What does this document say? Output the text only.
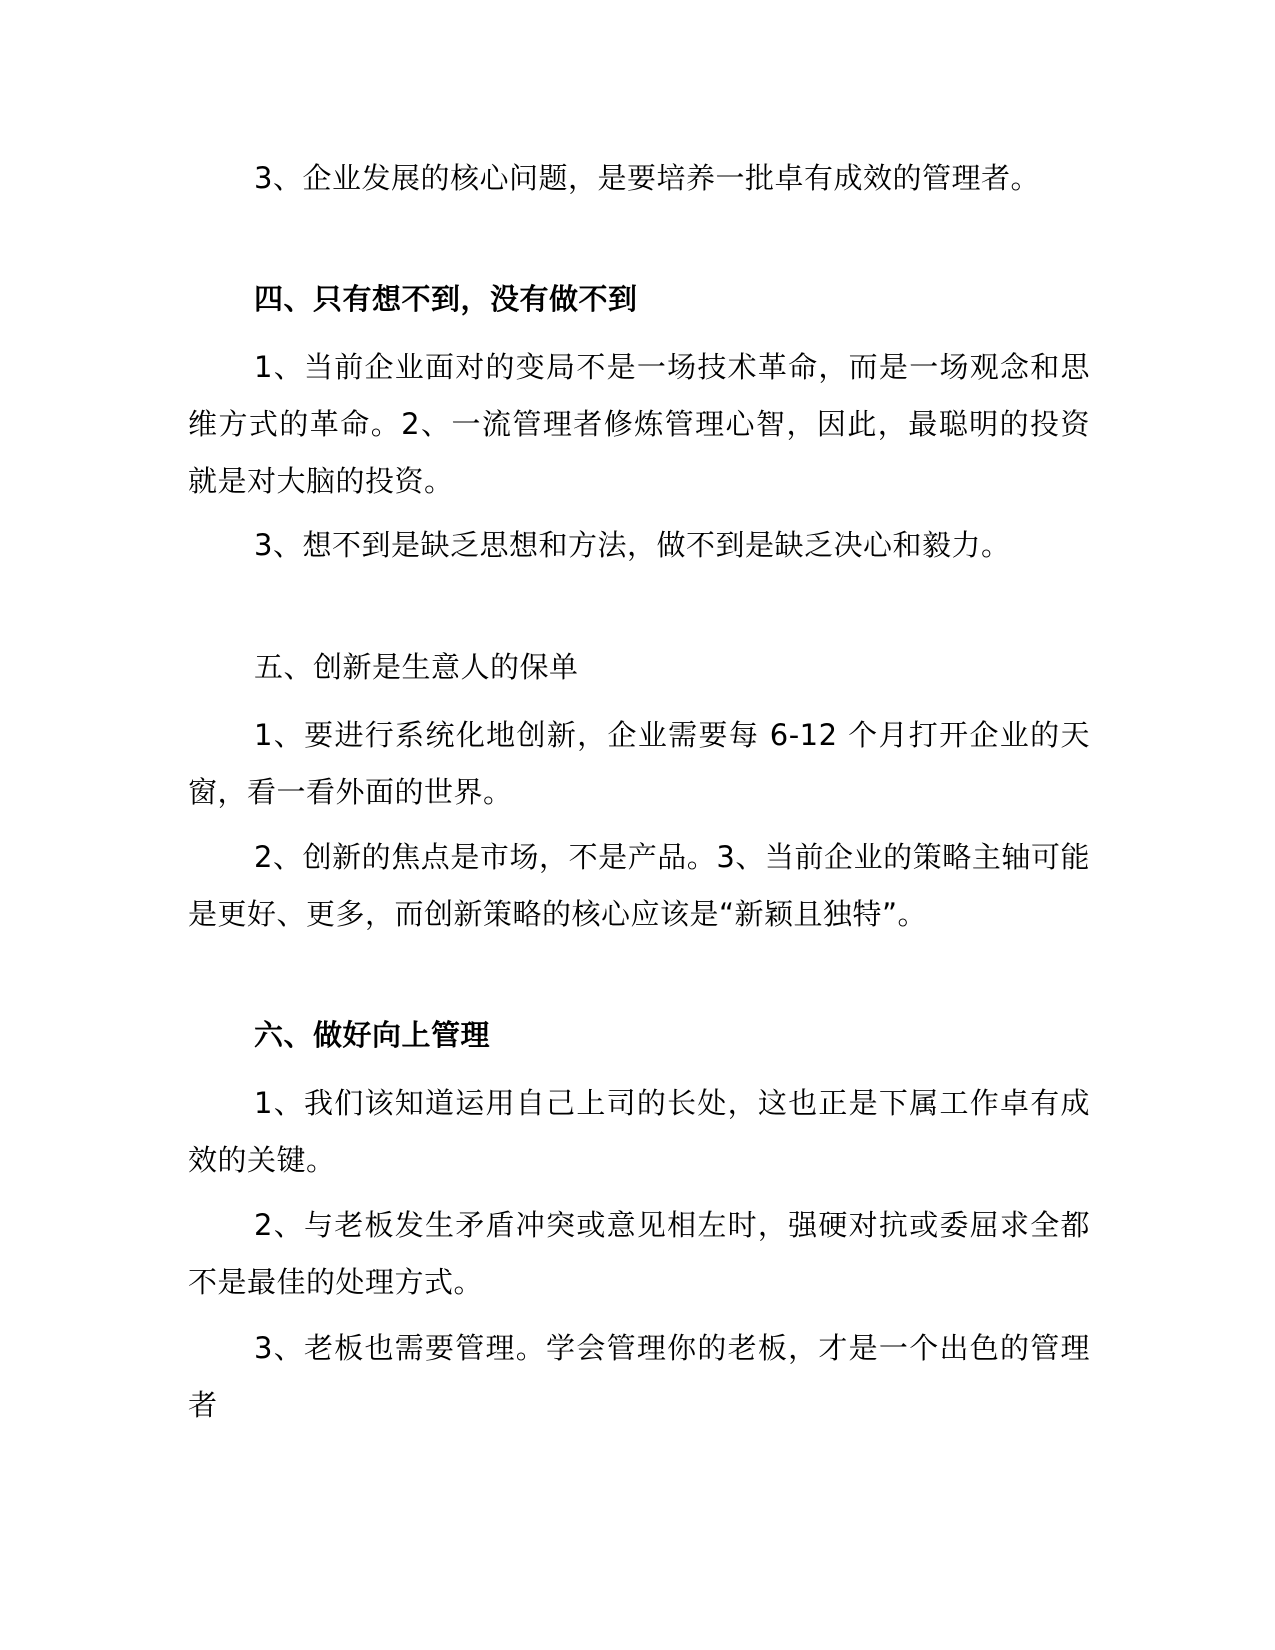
3、企业发展的核心问题，是要培养一批卓有成效的管理者。

四、只有想不到，没有做不到

1、当前企业面对的变局不是一场技术革命，而是一场观念和思维方式的革命。2、一流管理者修炼管理心智，因此，最聪明的投资就是对大脑的投资。

3、想不到是缺乏思想和方法，做不到是缺乏决心和毅力。

五、创新是生意人的保单

1、要进行系统化地创新，企业需要每 6-12 个月打开企业的天窗，看一看外面的世界。

2、创新的焦点是市场，不是产品。3、当前企业的策略主轴可能是更好、更多，而创新策略的核心应该是“新颖且独特”。

六、做好向上管理

1、我们该知道运用自己上司的长处，这也正是下属工作卓有成效的关键。

2、与老板发生矛盾冲突或意见相左时，强硬对抗或委屈求全都不是最佳的处理方式。

3、老板也需要管理。学会管理你的老板，才是一个出色的管理者
